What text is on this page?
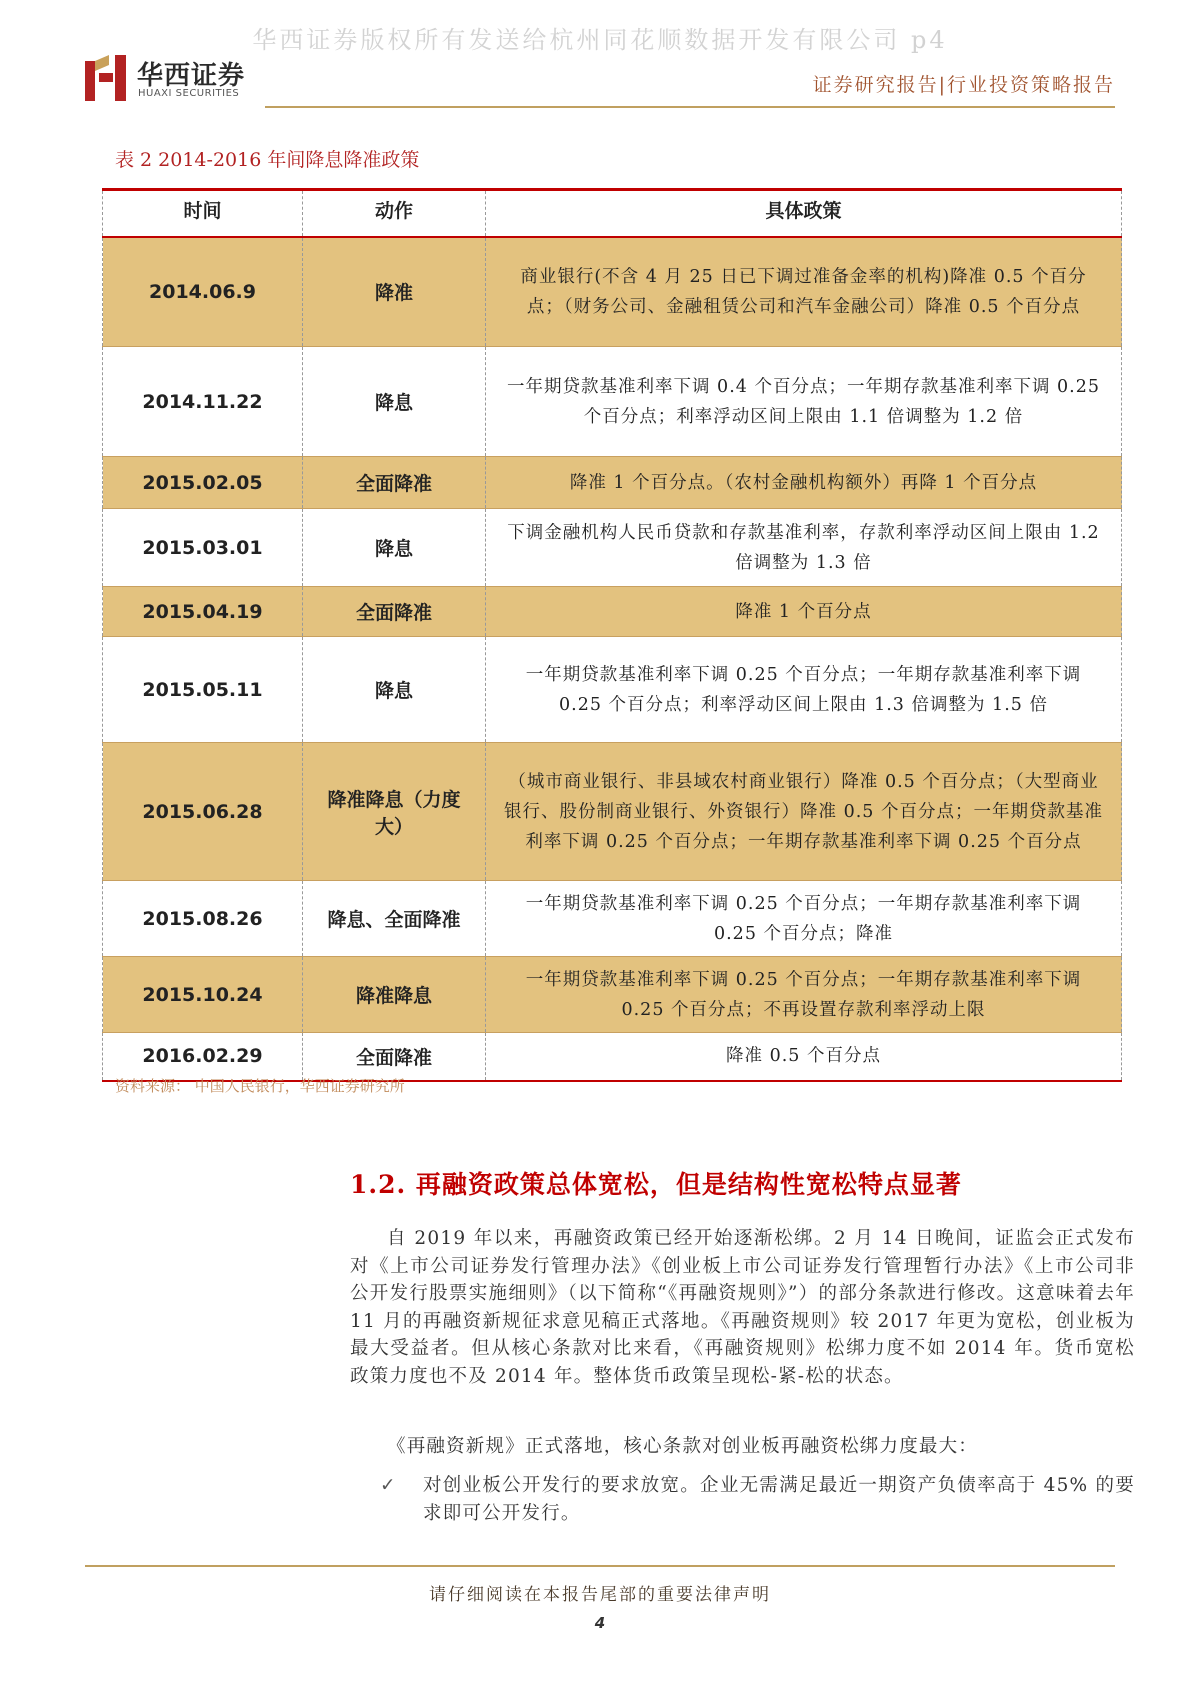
华西证券版权所有发送给杭州同花顺数据开发有限公司 p4
华西证券
HUAXI SECURITIES	证券研究报告|行业投资策略报告
表 2 2014-2016 年间降息降准政策
时间	动作	具体政策
2014.06.9	降准	商业银行(不含 4 月 25 日已下调过准备金率的机构)降准 0.5 个百分点；（财务公司、金融租赁公司和汽车金融公司）降准 0.5 个百分点
2014.11.22	降息	一年期贷款基准利率下调 0.4 个百分点；一年期存款基准利率下调 0.25 个百分点；利率浮动区间上限由 1.1 倍调整为 1.2 倍
2015.02.05	全面降准	降准 1 个百分点。（农村金融机构额外）再降 1 个百分点
2015.03.01	降息	下调金融机构人民币贷款和存款基准利率，存款利率浮动区间上限由 1.2 倍调整为 1.3 倍
2015.04.19	全面降准	降准 1 个百分点
2015.05.11	降息	一年期贷款基准利率下调 0.25 个百分点；一年期存款基准利率下调 0.25 个百分点；利率浮动区间上限由 1.3 倍调整为 1.5 倍
2015.06.28	降准降息（力度大）	（城市商业银行、非县域农村商业银行）降准 0.5 个百分点；（大型商业银行、股份制商业银行、外资银行）降准 0.5 个百分点；一年期贷款基准利率下调 0.25 个百分点；一年期存款基准利率下调 0.25 个百分点
2015.08.26	降息、全面降准	一年期贷款基准利率下调 0.25 个百分点；一年期存款基准利率下调 0.25 个百分点；降准
2015.10.24	降准降息	一年期贷款基准利率下调 0.25 个百分点；一年期存款基准利率下调 0.25 个百分点；不再设置存款利率浮动上限
2016.02.29	全面降准	降准 0.5 个百分点
资料来源： 中国人民银行，华西证券研究所
1.2. 再融资政策总体宽松，但是结构性宽松特点显著

自 2019 年以来，再融资政策已经开始逐渐松绑。2 月 14 日晚间，证监会正式发布对《上市公司证券发行管理办法》《创业板上市公司证券发行管理暂行办法》《上市公司非公开发行股票实施细则》（以下简称“《再融资规则》”）的部分条款进行修改。这意味着去年 11 月的再融资新规征求意见稿正式落地。《再融资规则》较 2017 年更为宽松，创业板为最大受益者。但从核心条款对比来看，《再融资规则》松绑力度不如 2014 年。货币宽松政策力度也不及 2014 年。整体货币政策呈现松-紧-松的状态。

《再融资新规》正式落地，核心条款对创业板再融资松绑力度最大：

✓ 对创业板公开发行的要求放宽。企业无需满足最近一期资产负债率高于 45% 的要求即可公开发行。

请仔细阅读在本报告尾部的重要法律声明
4
